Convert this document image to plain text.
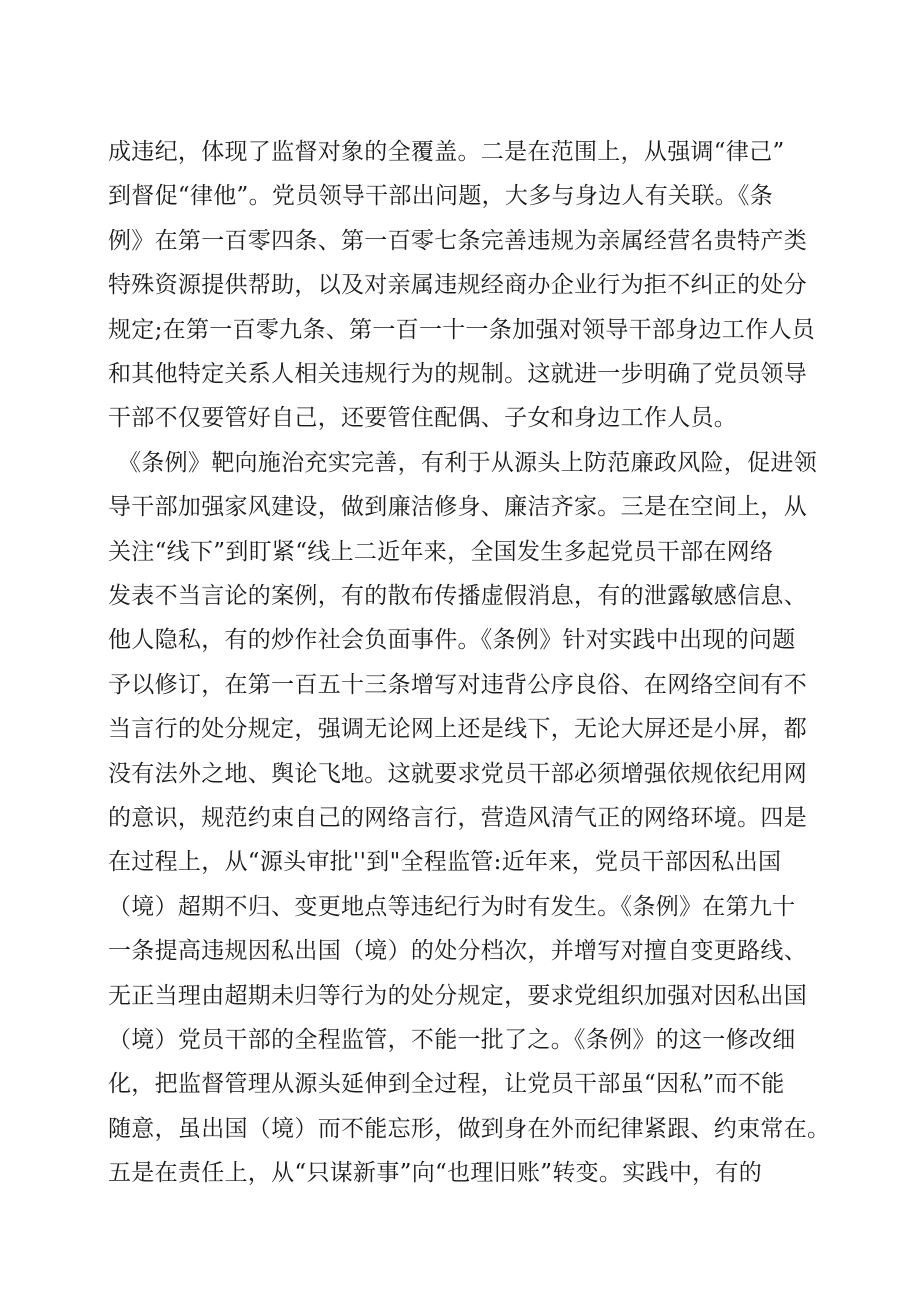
成违纪，体现了监督对象的全覆盖。二是在范围上，从强调“律己”
到督促“律他”。党员领导干部出问题，大多与身边人有关联。《条
例》在第一百零四条、第一百零七条完善违规为亲属经营名贵特产类
特殊资源提供帮助，以及对亲属违规经商办企业行为拒不纠正的处分
规定;在第一百零九条、第一百一十一条加强对领导干部身边工作人员
和其他特定关系人相关违规行为的规制。这就进一步明确了党员领导
干部不仅要管好自己，还要管住配偶、子女和身边工作人员。
《条例》靶向施治充实完善，有利于从源头上防范廉政风险，促进领
导干部加强家风建设，做到廉洁修身、廉洁齐家。三是在空间上，从
关注“线下”到盯紧“线上二近年来，全国发生多起党员干部在网络
发表不当言论的案例，有的散布传播虚假消息，有的泄露敏感信息、
他人隐私，有的炒作社会负面事件。《条例》针对实践中出现的问题
予以修订，在第一百五十三条增写对违背公序良俗、在网络空间有不
当言行的处分规定，强调无论网上还是线下，无论大屏还是小屏，都
没有法外之地、舆论飞地。这就要求党员干部必须增强依规依纪用网
的意识，规范约束自己的网络言行，营造风清气正的网络环境。四是
在过程上，从“源头审批''到"全程监管:近年来，党员干部因私出国
（境）超期不归、变更地点等违纪行为时有发生。《条例》在第九十
一条提高违规因私出国（境）的处分档次，并增写对擅自变更路线、
无正当理由超期未归等行为的处分规定，要求党组织加强对因私出国
（境）党员干部的全程监管，不能一批了之。《条例》的这一修改细
化，把监督管理从源头延伸到全过程，让党员干部虽“因私”而不能
随意，虽出国（境）而不能忘形，做到身在外而纪律紧跟、约束常在。
五是在责任上，从“只谋新事”向“也理旧账”转变。实践中，有的
